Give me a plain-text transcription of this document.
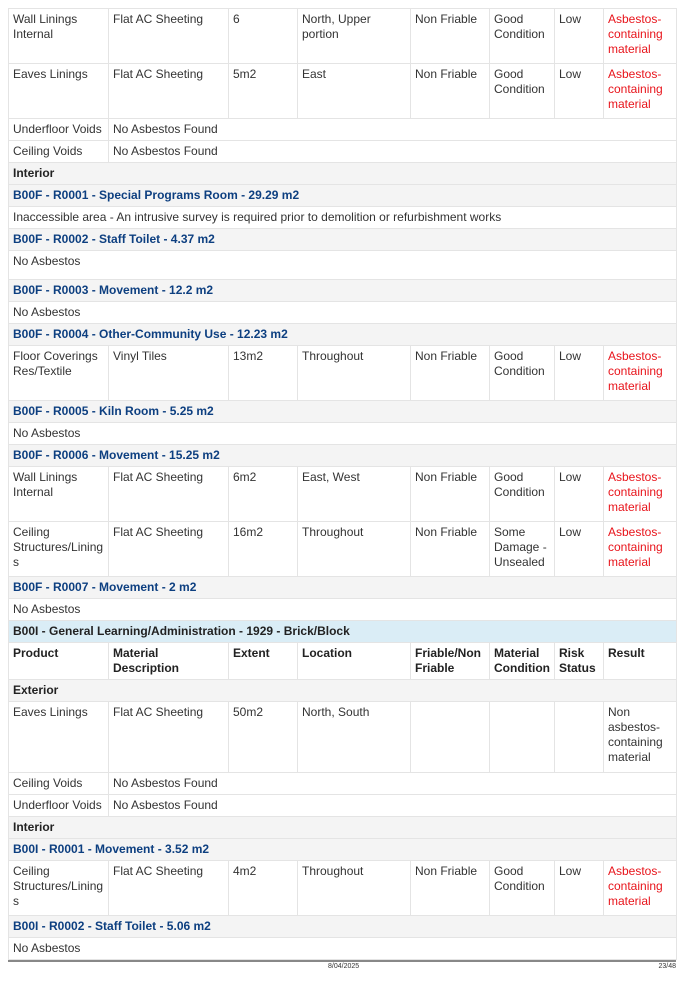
Wall Linings Internal	Flat AC Sheeting	6	North, Upper portion	Non Friable	Good Condition	Low	Asbestos-containing material
Eaves Linings	Flat AC Sheeting	5m2	East	Non Friable	Good Condition	Low	Asbestos-containing material
Underfloor Voids	No Asbestos Found						
Ceiling Voids	No Asbestos Found						
Interior							
B00F - R0001 - Special Programs Room - 29.29 m2							
Inaccessible area - An intrusive survey is required prior to demolition or refurbishment works							
B00F - R0002 - Staff Toilet - 4.37 m2							
No Asbestos							
B00F - R0003 - Movement - 12.2 m2							
No Asbestos							
B00F - R0004 - Other-Community Use - 12.23 m2							
Floor Coverings Res/Textile	Vinyl Tiles	13m2	Throughout	Non Friable	Good Condition	Low	Asbestos-containing material
B00F - R0005 - Kiln Room - 5.25 m2							
No Asbestos							
B00F - R0006 - Movement - 15.25 m2							
Wall Linings Internal	Flat AC Sheeting	6m2	East, West	Non Friable	Good Condition	Low	Asbestos-containing material
Ceiling Structures/Linings	Flat AC Sheeting	16m2	Throughout	Non Friable	Some Damage - Unsealed	Low	Asbestos-containing material
B00F - R0007 - Movement - 2 m2							
No Asbestos							
B00I - General Learning/Administration - 1929 - Brick/Block							
Product	Material Description	Extent	Location	Friable/Non Friable	Material Condition	Risk Status	Result
Exterior							
Eaves Linings	Flat AC Sheeting	50m2	North, South				Non asbestos-containing material
Ceiling Voids	No Asbestos Found						
Underfloor Voids	No Asbestos Found						
Interior							
B00I - R0001 - Movement - 3.52 m2							
Ceiling Structures/Linings	Flat AC Sheeting	4m2	Throughout	Non Friable	Good Condition	Low	Asbestos-containing material
B00I - R0002 - Staff Toilet - 5.06 m2							
No Asbestos							
8/04/2025	23/48
